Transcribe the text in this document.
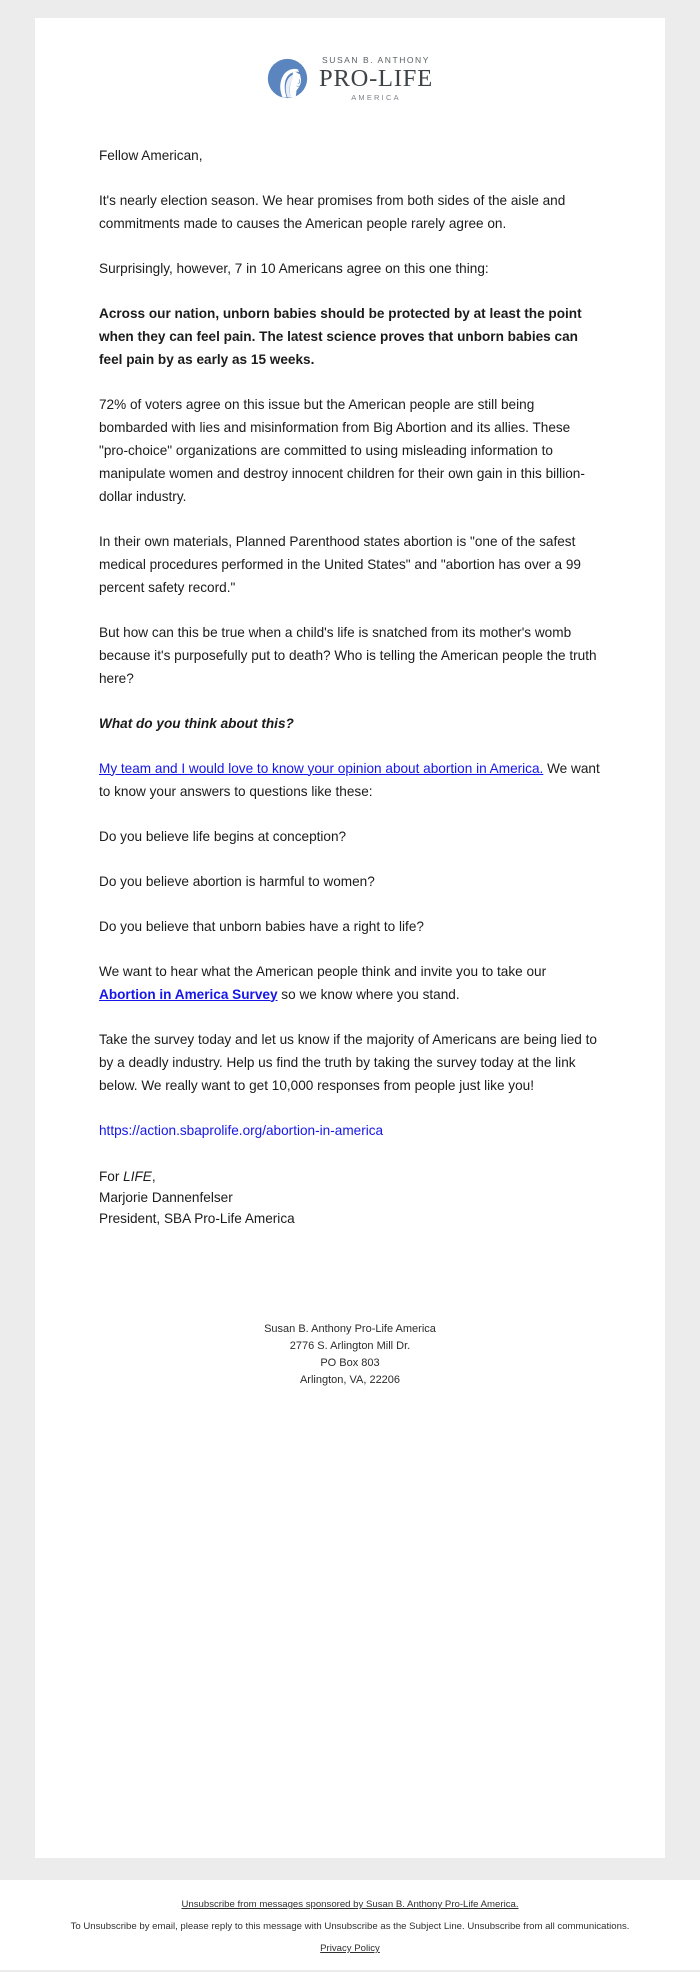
SUSAN B. ANTHONY
PRO-LIFE
AMERICA

Fellow American,

It's nearly election season. We hear promises from both sides of the aisle and commitments made to causes the American people rarely agree on.

Surprisingly, however, 7 in 10 Americans agree on this one thing:

Across our nation, unborn babies should be protected by at least the point when they can feel pain. The latest science proves that unborn babies can feel pain by as early as 15 weeks.

72% of voters agree on this issue but the American people are still being bombarded with lies and misinformation from Big Abortion and its allies. These "pro-choice" organizations are committed to using misleading information to manipulate women and destroy innocent children for their own gain in this billion-dollar industry.

In their own materials, Planned Parenthood states abortion is "one of the safest medical procedures performed in the United States" and "abortion has over a 99 percent safety record."

But how can this be true when a child's life is snatched from its mother's womb because it's purposefully put to death? Who is telling the American people the truth here?

What do you think about this?

My team and I would love to know your opinion about abortion in America. We want to know your answers to questions like these:

Do you believe life begins at conception?

Do you believe abortion is harmful to women?

Do you believe that unborn babies have a right to life?

We want to hear what the American people think and invite you to take our Abortion in America Survey so we know where you stand.

Take the survey today and let us know if the majority of Americans are being lied to by a deadly industry. Help us find the truth by taking the survey today at the link below. We really want to get 10,000 responses from people just like you!

https://action.sbaprolife.org/abortion-in-america

For LIFE,

Marjorie Dannenfelser

President, SBA Pro-Life America

Susan B. Anthony Pro-Life America
2776 S. Arlington Mill Dr.
PO Box 803
Arlington, VA, 22206
Unsubscribe from messages sponsored by Susan B. Anthony Pro-Life America.
To Unsubscribe by email, please reply to this message with Unsubscribe as the Subject Line. Unsubscribe from all communications.
Privacy Policy
